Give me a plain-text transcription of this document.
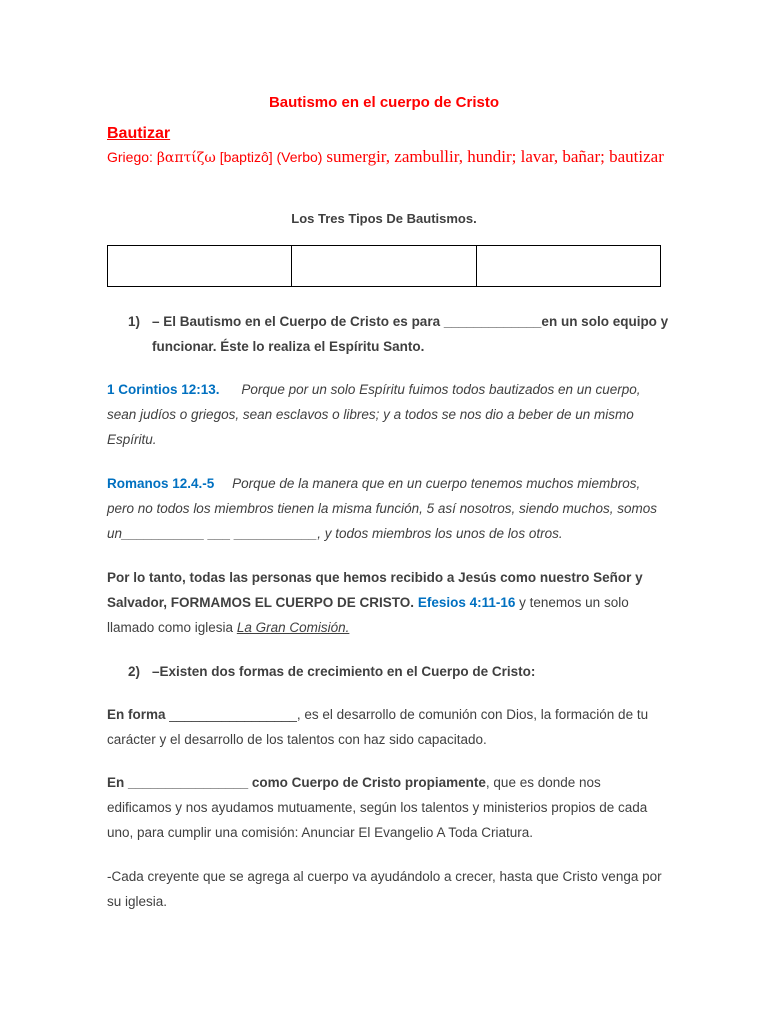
Bautismo en el cuerpo de Cristo
Bautizar
Griego: βαπτίζω [baptizô] (Verbo) sumergir, zambullir, hundir; lavar, bañar; bautizar
Los Tres Tipos De Bautismos.

1) – El Bautismo en el Cuerpo de Cristo es para _____________en un solo equipo y funcionar. Éste lo realiza el Espíritu Santo.
1 Corintios 12:13. Porque por un solo Espíritu fuimos todos bautizados en un cuerpo, sean judíos o griegos, sean esclavos o libres; y a todos se nos dio a beber de un mismo Espíritu.
Romanos 12.4.-5 Porque de la manera que en un cuerpo tenemos muchos miembros, pero no todos los miembros tienen la misma función, 5 así nosotros, siendo muchos, somos un___________ ___ ___________, y todos miembros los unos de los otros.
Por lo tanto, todas las personas que hemos recibido a Jesús como nuestro Señor y Salvador, FORMAMOS EL CUERPO DE CRISTO. Efesios 4:11-16 y tenemos un solo llamado como iglesia La Gran Comisión.
2) –Existen dos formas de crecimiento en el Cuerpo de Cristo:
En forma _________________, es el desarrollo de comunión con Dios, la formación de tu carácter y el desarrollo de los talentos con haz sido capacitado.
En ________________ como Cuerpo de Cristo propiamente, que es donde nos edificamos y nos ayudamos mutuamente, según los talentos y ministerios propios de cada uno, para cumplir una comisión: Anunciar El Evangelio A Toda Criatura.
-Cada creyente que se agrega al cuerpo va ayudándolo a crecer, hasta que Cristo venga por su iglesia.
